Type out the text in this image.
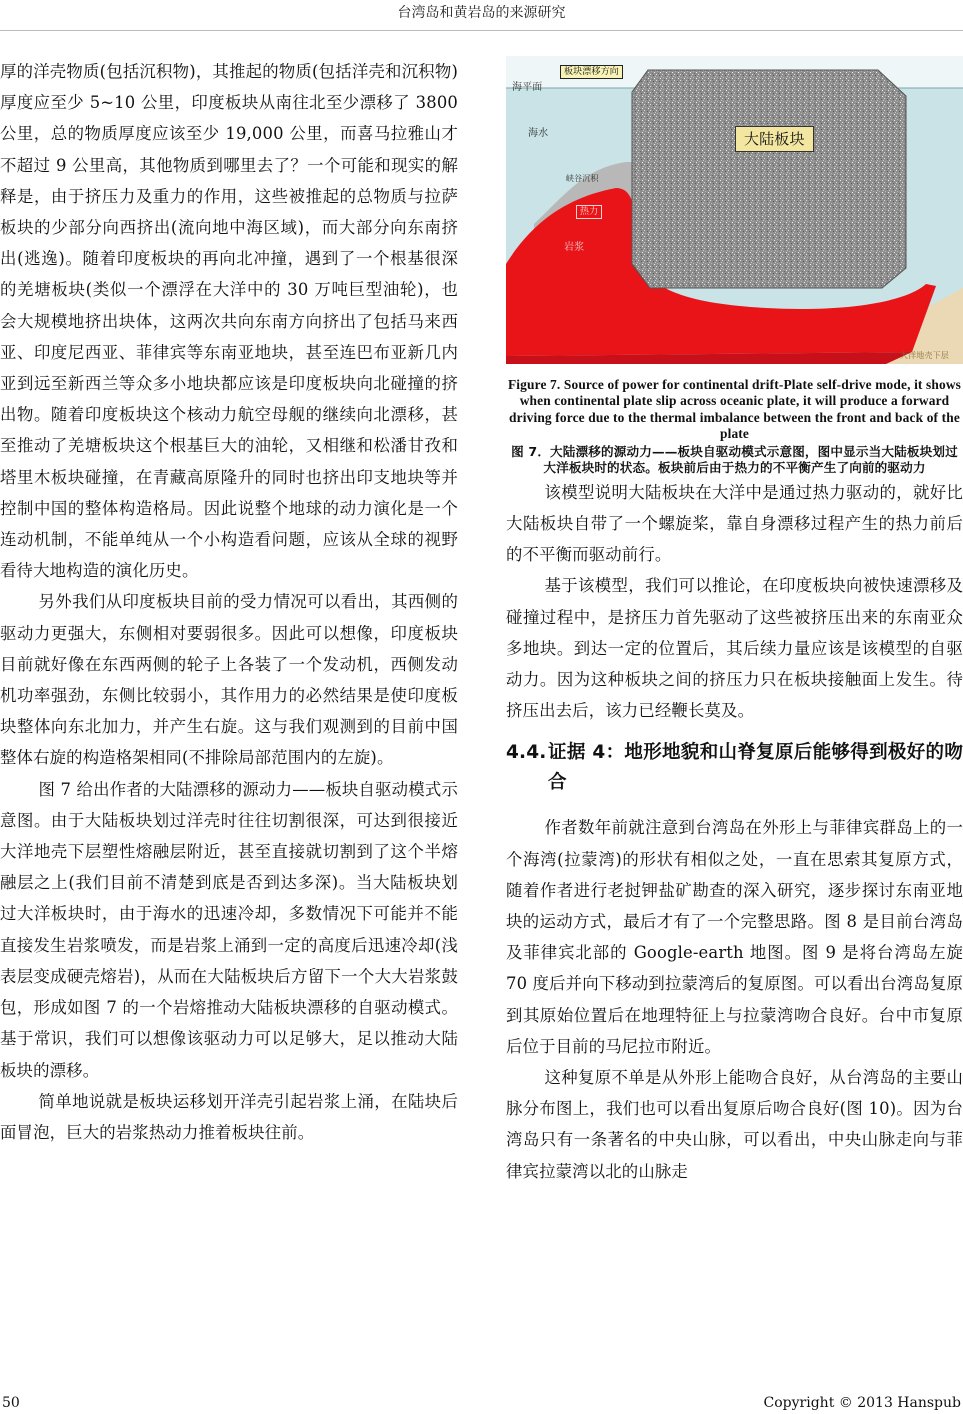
台湾岛和黄岩岛的来源研究

厚的洋壳物质(包括沉积物)，其推起的物质(包括洋壳和沉积物)厚度应至少 5~10 公里，印度板块从南往北至少漂移了 3800 公里，总的物质厚度应该至少 19,000 公里，而喜马拉雅山才不超过 9 公里高，其他物质到哪里去了？一个可能和现实的解释是，由于挤压力及重力的作用，这些被推起的总物质与拉萨板块的少部分向西挤出(流向地中海区域)，而大部分向东南挤出(逃逸)。随着印度板块的再向北冲撞，遇到了一个根基很深的羌塘板块(类似一个漂浮在大洋中的 30 万吨巨型油轮)，也会大规模地挤出块体，这两次共向东南方向挤出了包括马来西亚、印度尼西亚、菲律宾等东南亚地块，甚至连巴布亚新几内亚到远至新西兰等众多小地块都应该是印度板块向北碰撞的挤出物。随着印度板块这个核动力航空母舰的继续向北漂移，甚至推动了羌塘板块这个根基巨大的油轮，又相继和松潘甘孜和塔里木板块碰撞，在青藏高原隆升的同时也挤出印支地块等并控制中国的整体构造格局。因此说整个地球的动力演化是一个连动机制，不能单纯从一个小构造看问题，应该从全球的视野看待大地构造的演化历史。

另外我们从印度板块目前的受力情况可以看出，其西侧的驱动力更强大，东侧相对要弱很多。因此可以想像，印度板块目前就好像在东西两侧的轮子上各装了一个发动机，西侧发动机功率强劲，东侧比较弱小，其作用力的必然结果是使印度板块整体向东北加力，并产生右旋。这与我们观测到的目前中国整体右旋的构造格架相同(不排除局部范围内的左旋)。

图 7 给出作者的大陆漂移的源动力——板块自驱动模式示意图。由于大陆板块划过洋壳时往往切割很深，可达到很接近大洋地壳下层塑性熔融层附近，甚至直接就切割到了这个半熔融层之上(我们目前不清楚到底是否到达多深)。当大陆板块划过大洋板块时，由于海水的迅速冷却，多数情况下可能并不能直接发生岩浆喷发，而是岩浆上涌到一定的高度后迅速冷却(浅表层变成硬壳熔岩)，从而在大陆板块后方留下一个大大岩浆鼓包，形成如图 7 的一个岩熔推动大陆板块漂移的自驱动模式。基于常识，我们可以想像该驱动力可以足够大，足以推动大陆板块的漂移。

简单地说就是板块运移划开洋壳引起岩浆上涌，在陆块后面冒泡，巨大的岩浆热动力推着板块往前。

板块漂移方向
海平面
海水	大陆板块
峡谷沉积
热力
岩浆
大洋地壳下层
Figure 7. Source of power for continental drift-Plate self-drive mode, it shows when continental plate slip across oceanic plate, it will produce a forward driving force due to the thermal imbalance between the front and back of the plate
图 7．大陆漂移的源动力——板块自驱动模式示意图，图中显示当大陆板块划过大洋板块时的状态。板块前后由于热力的不平衡产生了向前的驱动力

该模型说明大陆板块在大洋中是通过热力驱动的，就好比大陆板块自带了一个螺旋桨，靠自身漂移过程产生的热力前后的不平衡而驱动前行。

基于该模型，我们可以推论，在印度板块向被快速漂移及碰撞过程中，是挤压力首先驱动了这些被挤压出来的东南亚众多地块。到达一定的位置后，其后续力量应该是该模型的自驱动力。因为这种板块之间的挤压力只在板块接触面上发生。待挤压出去后，该力已经鞭长莫及。

4.4. 证据 4：地形地貌和山脊复原后能够得到极好的吻合

作者数年前就注意到台湾岛在外形上与菲律宾群岛上的一个海湾(拉蒙湾)的形状有相似之处，一直在思索其复原方式，随着作者进行老挝钾盐矿勘查的深入研究，逐步探讨东南亚地块的运动方式，最后才有了一个完整思路。图 8 是目前台湾岛及菲律宾北部的 Google-earth 地图。图 9 是将台湾岛左旋 70 度后并向下移动到拉蒙湾后的复原图。可以看出台湾岛复原到其原始位置后在地理特征上与拉蒙湾吻合良好。台中市复原后位于目前的马尼拉市附近。

这种复原不单是从外形上能吻合良好，从台湾岛的主要山脉分布图上，我们也可以看出复原后吻合良好(图 10)。因为台湾岛只有一条著名的中央山脉，可以看出，中央山脉走向与菲律宾拉蒙湾以北的山脉走

50	Copyright © 2013 Hanspub
